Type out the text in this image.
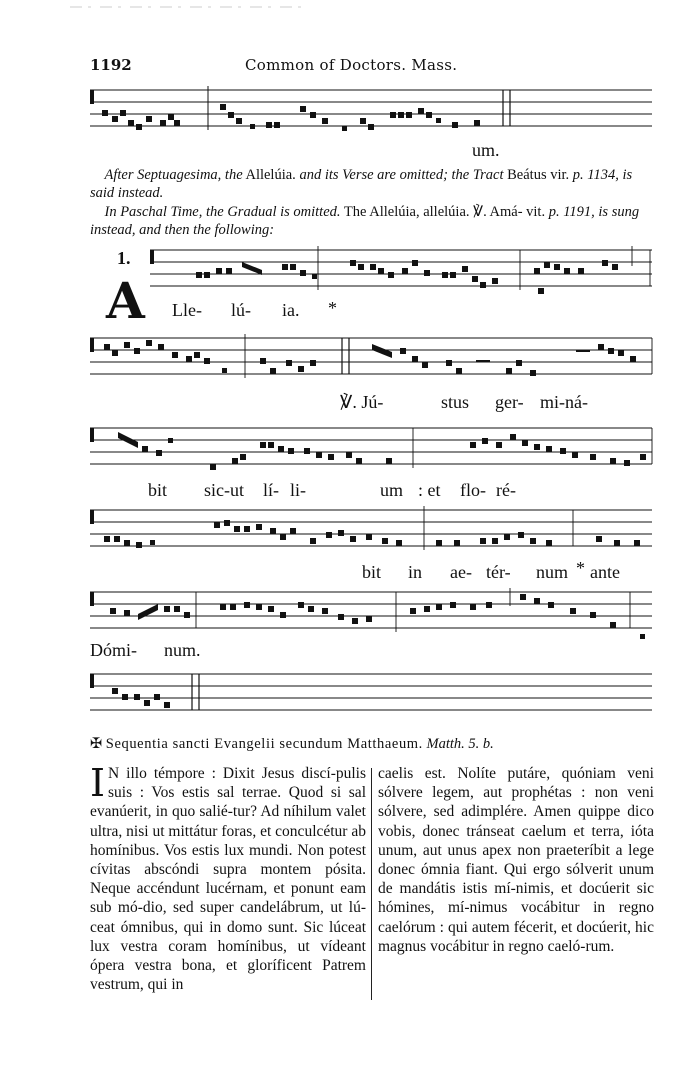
1192	Common of Doctors. Mass.
um.
After Septuagesima, the Allelúia. and its Verse are omitted; the Tract Beátus vir. p. 1134, is said instead.
In Paschal Time, the Gradual is omitted. The Allelúia, allelúia. ℣. Amá- vit. p. 1191, is sung instead, and then the following:
1.
A Lle- lú- ia. *
℣. Jú-	stus ger- mi-ná-
bit sic-ut lí- li-	um : et flo- ré-
bit in ae- tér- num * ante
Dómi- num.
✠ Sequentia sancti Evangelii secundum Matthaeum. Matth. 5. b.
I N illo témpore : Dixit Jesus discí-pulis suis : Vos estis sal terrae. Quod si sal evanúerit, in quo salié-tur? Ad níhilum valet ultra, nisi ut mittátur foras, et conculcétur ab homínibus. Vos estis lux mundi. Non potest cívitas abscóndi supra montem pósita. Neque accéndunt lucérnam, et ponunt eam sub mó-dio, sed super candelábrum, ut lú-ceat ómnibus, qui in domo sunt. Sic lúceat lux vestra coram homínibus, ut vídeant ópera vestra bona, et gloríficent Patrem vestrum, qui in
caelis est. Nolíte putáre, quóniam veni sólvere legem, aut prophétas : non veni sólvere, sed adimplére. Amen quippe dico vobis, donec tránseat caelum et terra, ióta unum, aut unus apex non praeteríbit a lege donec ómnia fiant. Qui ergo sólverit unum de mandátis istis mí-nimis, et docúerit sic hómines, mí-nimus vocábitur in regno caelórum : qui autem fécerit, et docúerit, hic magnus vocábitur in regno caeló-rum.
